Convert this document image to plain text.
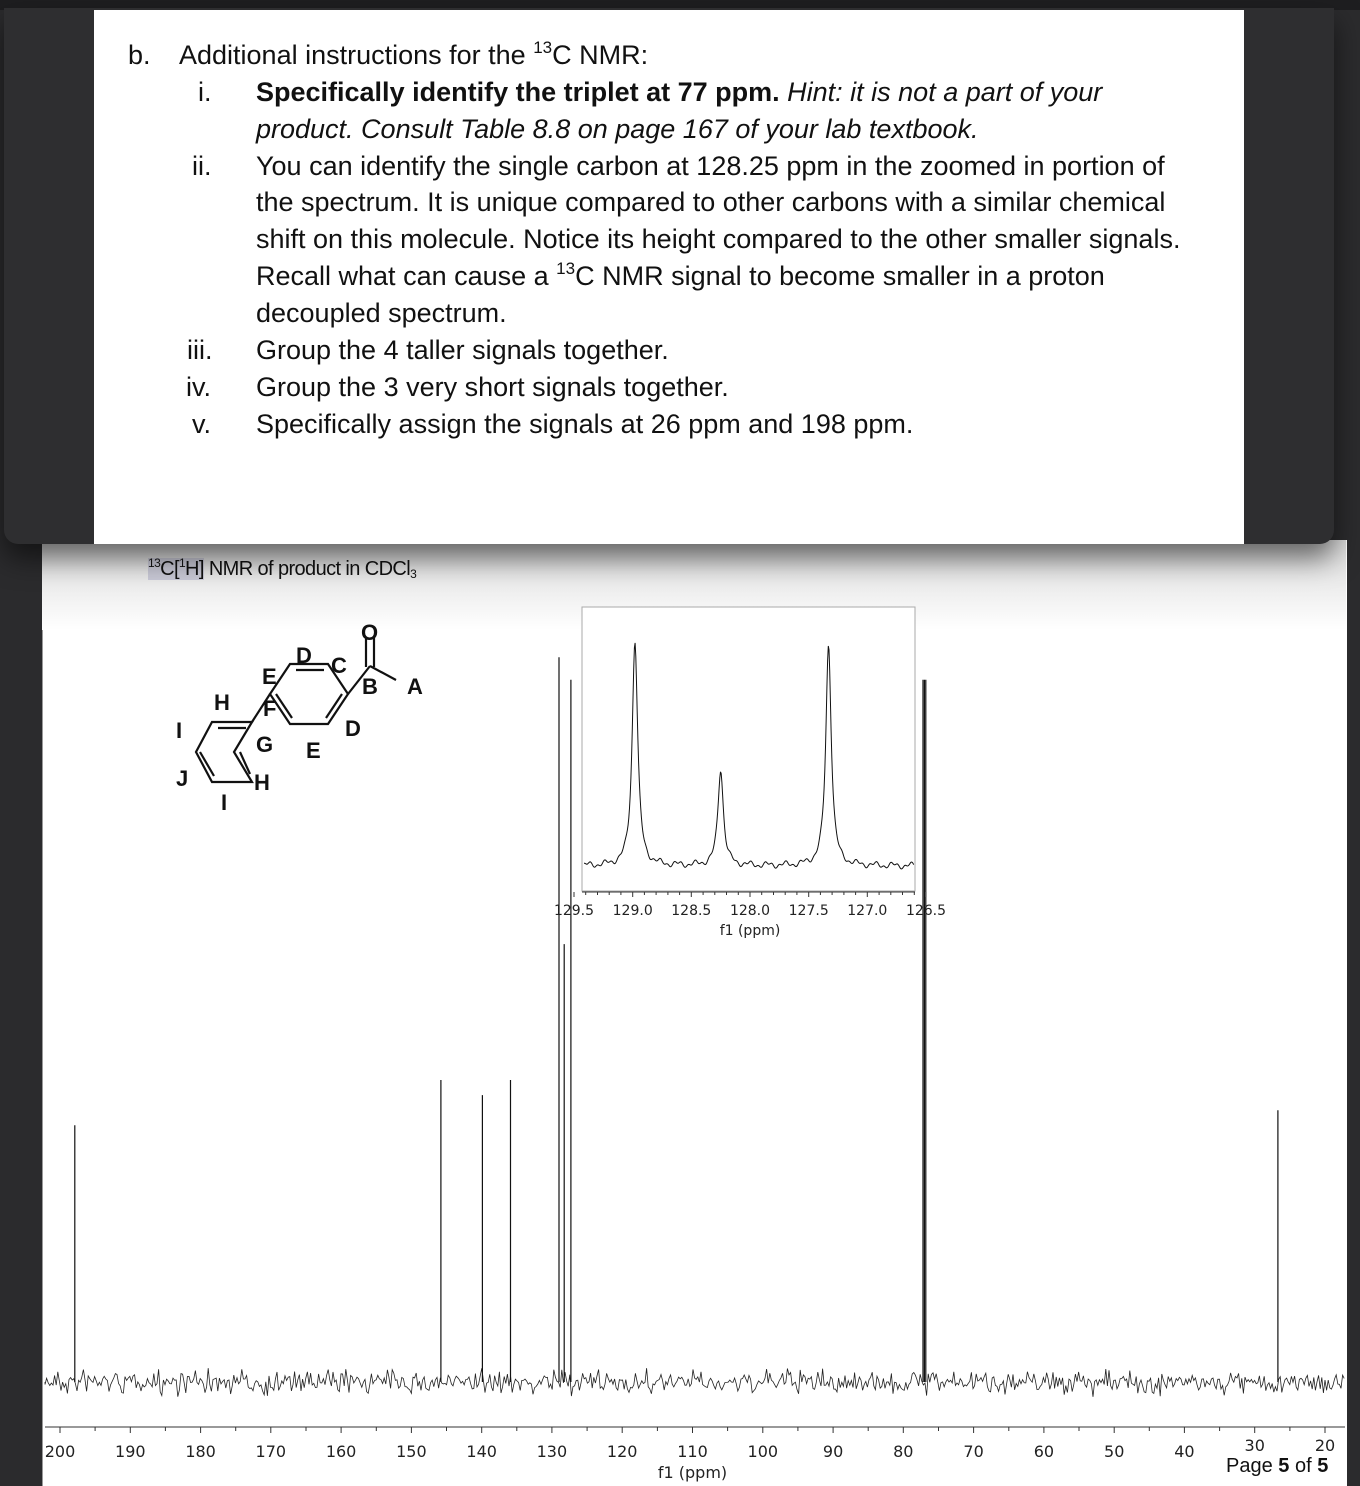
$^{13}$C[$^1$H] NMR of product in CDCl$_3$
O
D C
E	B A
H F
D
I
G E
J	H
I
200 190 180 170 160 150 140 130 120 110 100	90	80	70	60	50	40	30	20
f1 (ppm)
129.5 129.0 128.5 128.0 127.5 127.0 126.5
f1 (ppm)
b. Additional instructions for the $^{13}$C NMR:
i. Specifically identify the triplet at 77 ppm. Hint: it is not a part of your
product. Consult Table 8.8 on page 167 of your lab textbook.
ii. You can identify the single carbon at 128.25 ppm in the zoomed in portion of
the spectrum. It is unique compared to other carbons with a similar chemical
shift on this molecule. Notice its height compared to the other smaller signals.
Recall what can cause a $^{13}$C NMR signal to become smaller in a proton
decoupled spectrum.
iii. Group the 4 taller signals together.
iv. Group the 3 very short signals together.
v. Specifically assign the signals at 26 ppm and 198 ppm.
Page 5 of 5
